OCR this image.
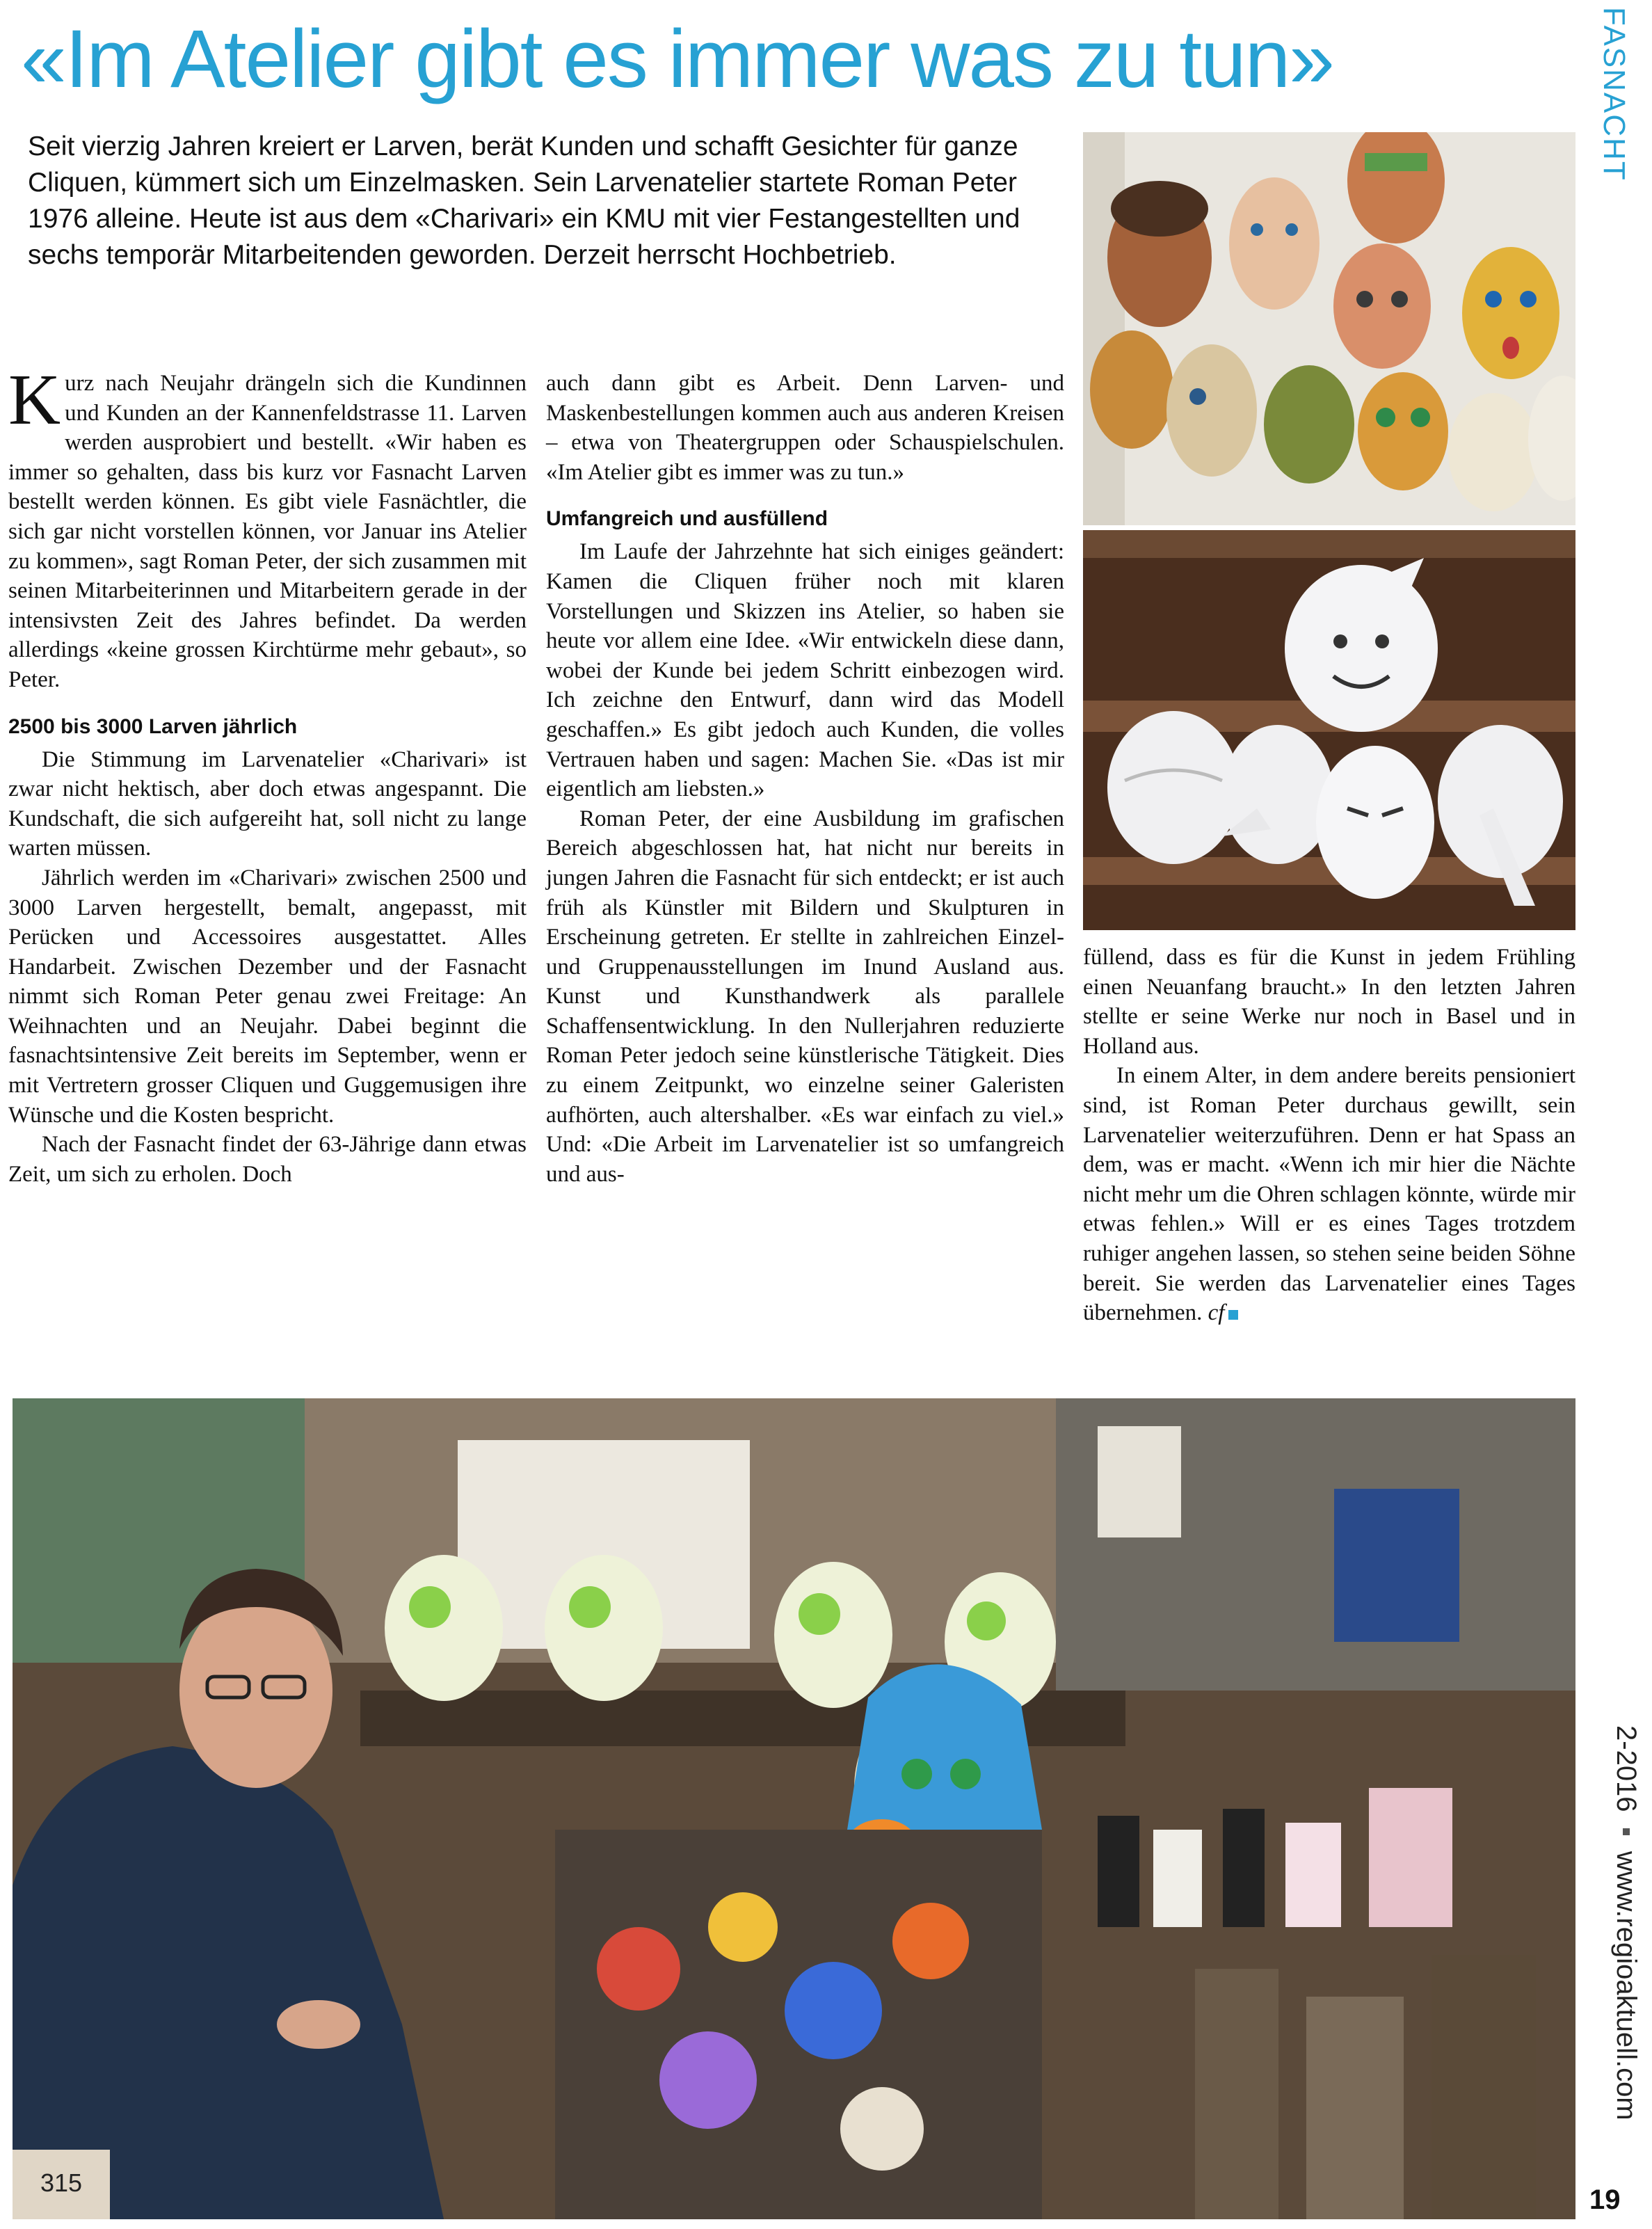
«Im Atelier gibt es immer was zu tun»	FASNACHT
Seit vierzig Jahren kreiert er Larven, berät Kunden und schafft Gesichter für ganze Cliquen, kümmert sich um Einzelmasken. Sein Larvenatelier startete Roman Peter 1976 alleine. Heute ist aus dem «Charivari» ein KMU mit vier Festangestellten und sechs temporär Mitarbeitenden geworden. Derzeit herrscht Hochbetrieb.

Kurz nach Neujahr drängeln sich die Kundinnen und Kunden an der Kannenfeldstrasse 11. Larven werden ausprobiert und bestellt. «Wir haben es immer so gehalten, dass bis kurz vor Fasnacht Larven bestellt werden können. Es gibt viele Fasnächtler, die sich gar nicht vorstellen können, vor Januar ins Atelier zu kommen», sagt Roman Peter, der sich zusammen mit seinen Mitarbeiterinnen und Mitarbeitern gerade in der intensivsten Zeit des Jahres befindet. Da werden allerdings «keine grossen Kirchtürme mehr gebaut», so Peter.

2500 bis 3000 Larven jährlich

Die Stimmung im Larvenatelier «Charivari» ist zwar nicht hektisch, aber doch etwas angespannt. Die Kundschaft, die sich aufgereiht hat, soll nicht zu lange warten müssen.

Jährlich werden im «Charivari» zwischen 2500 und 3000 Larven hergestellt, bemalt, angepasst, mit Perücken und Accessoires ausgestattet. Alles Handarbeit. Zwischen Dezember und der Fasnacht nimmt sich Roman Peter genau zwei Freitage: An Weihnachten und an Neujahr. Dabei beginnt die fasnachtsintensive Zeit bereits im September, wenn er mit Vertretern grosser Cliquen und Guggemusigen ihre Wünsche und die Kosten bespricht.

Nach der Fasnacht findet der 63-Jährige dann etwas Zeit, um sich zu erholen. Doch

auch dann gibt es Arbeit. Denn Larven- und Maskenbestellungen kommen auch aus anderen Kreisen – etwa von Theatergruppen oder Schauspielschulen. «Im Atelier gibt es immer was zu tun.»

Umfangreich und ausfüllend

Im Laufe der Jahrzehnte hat sich einiges geändert: Kamen die Cliquen früher noch mit klaren Vorstellungen und Skizzen ins Atelier, so haben sie heute vor allem eine Idee. «Wir entwickeln diese dann, wobei der Kunde bei jedem Schritt einbezogen wird. Ich zeichne den Entwurf, dann wird das Modell geschaffen.» Es gibt jedoch auch Kunden, die volles Vertrauen haben und sagen: Machen Sie. «Das ist mir eigentlich am liebsten.»

Roman Peter, der eine Ausbildung im grafischen Bereich abgeschlossen hat, hat nicht nur bereits in jungen Jahren die Fasnacht für sich entdeckt; er ist auch früh als Künstler mit Bildern und Skulpturen in Erscheinung getreten. Er stellte in zahlreichen Einzel- und Gruppenausstellungen im Inund Ausland aus. Kunst und Kunsthandwerk als parallele Schaffensentwicklung. In den Nullerjahren reduzierte Roman Peter jedoch seine künstlerische Tätigkeit. Dies zu einem Zeitpunkt, wo einzelne seiner Galeristen aufhörten, auch altershalber. «Es war einfach zu viel.» Und: «Die Arbeit im Larvenatelier ist so umfangreich und aus-

füllend, dass es für die Kunst in jedem Frühling einen Neuanfang braucht.» In den letzten Jahren stellte er seine Werke nur noch in Basel und in Holland aus.

In einem Alter, in dem andere bereits pensioniert sind, ist Roman Peter durchaus gewillt, sein Larvenatelier weiterzuführen. Denn er hat Spass an dem, was er macht. «Wenn ich mir hier die Nächte nicht mehr um die Ohren schlagen könnte, würde mir etwas fehlen.» Will er es eines Tages trotzdem ruhiger angehen lassen, so stehen seine beiden Söhne bereit. Sie werden das Larvenatelier eines Tages übernehmen. cf

315
2-2016  www.regioaktuell.com
19
